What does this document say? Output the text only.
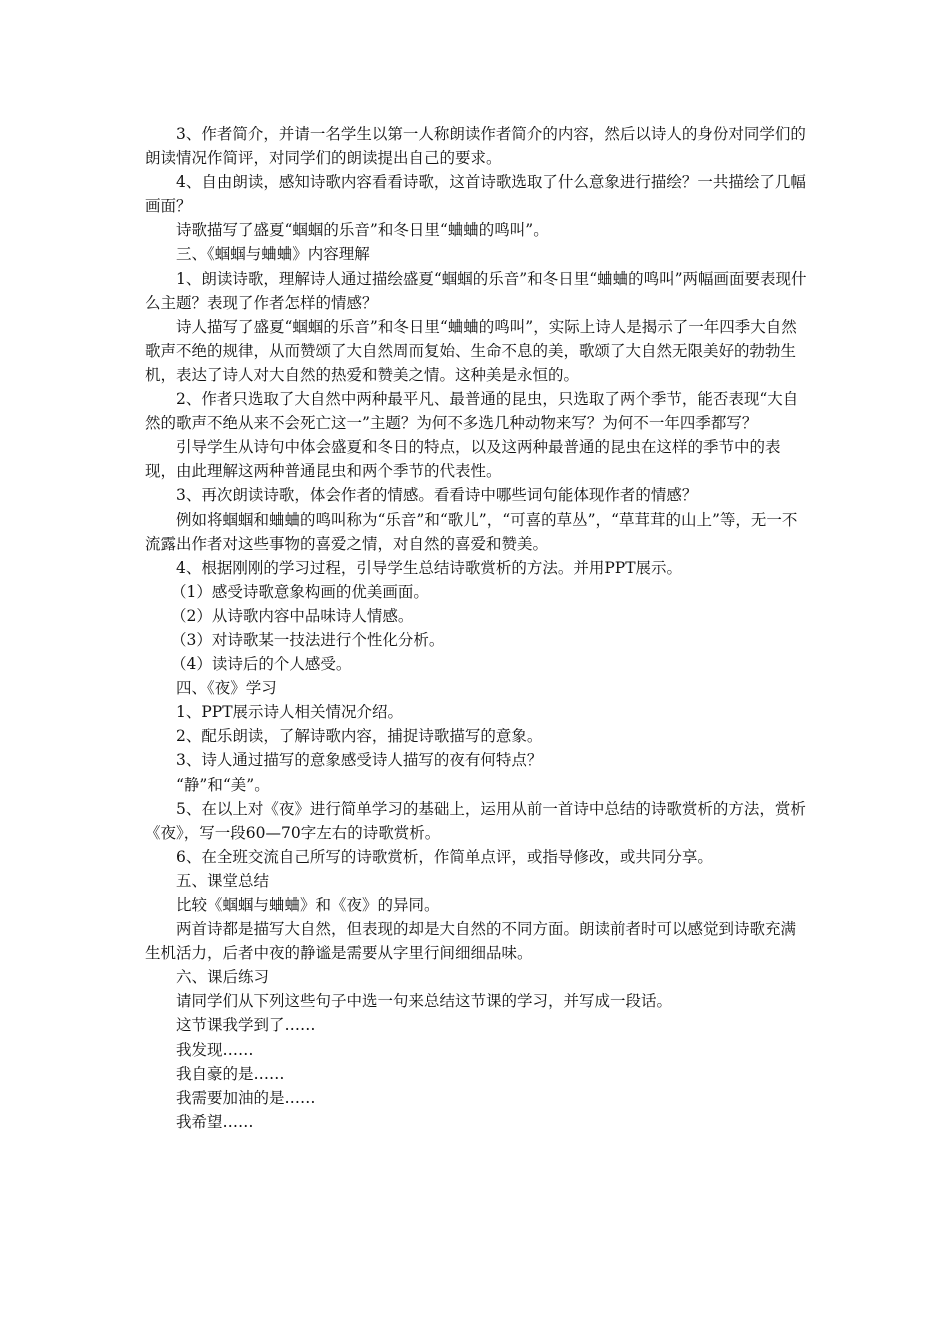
3、作者简介，并请一名学生以第一人称朗读作者简介的内容，然后以诗人的身份对同学们的朗读情况作简评，对同学们的朗读提出自己的要求。

4、自由朗读，感知诗歌内容看看诗歌，这首诗歌选取了什么意象进行描绘？一共描绘了几幅画面？

诗歌描写了盛夏“蝈蝈的乐音”和冬日里“蛐蛐的鸣叫”。

三、《蝈蝈与蛐蛐》内容理解

1、朗读诗歌，理解诗人通过描绘盛夏“蝈蝈的乐音”和冬日里“蛐蛐的鸣叫”两幅画面要表现什么主题？表现了作者怎样的情感？

诗人描写了盛夏“蝈蝈的乐音”和冬日里“蛐蛐的鸣叫”，实际上诗人是揭示了一年四季大自然歌声不绝的规律，从而赞颂了大自然周而复始、生命不息的美，歌颂了大自然无限美好的勃勃生机，表达了诗人对大自然的热爱和赞美之情。这种美是永恒的。

2、作者只选取了大自然中两种最平凡、最普通的昆虫，只选取了两个季节，能否表现“大自然的歌声不绝从来不会死亡这一”主题？为何不多选几种动物来写？为何不一年四季都写？

引导学生从诗句中体会盛夏和冬日的特点，以及这两种最普通的昆虫在这样的季节中的表现，由此理解这两种普通昆虫和两个季节的代表性。

3、再次朗读诗歌，体会作者的情感。看看诗中哪些词句能体现作者的情感？

例如将蝈蝈和蛐蛐的鸣叫称为“乐音”和“歌儿”，“可喜的草丛”，“草茸茸的山上”等，无一不流露出作者对这些事物的喜爱之情，对自然的喜爱和赞美。

4、根据刚刚的学习过程，引导学生总结诗歌赏析的方法。并用PPT展示。

（1）感受诗歌意象构画的优美画面。

（2）从诗歌内容中品味诗人情感。

（3）对诗歌某一技法进行个性化分析。

（4）读诗后的个人感受。

四、《夜》学习

1、PPT展示诗人相关情况介绍。

2、配乐朗读，了解诗歌内容，捕捉诗歌描写的意象。

3、诗人通过描写的意象感受诗人描写的夜有何特点？

“静”和“美”。

5、在以上对《夜》进行简单学习的基础上，运用从前一首诗中总结的诗歌赏析的方法，赏析《夜》，写一段60—70字左右的诗歌赏析。

6、在全班交流自己所写的诗歌赏析，作简单点评，或指导修改，或共同分享。

五、课堂总结

比较《蝈蝈与蛐蛐》和《夜》的异同。

两首诗都是描写大自然，但表现的却是大自然的不同方面。朗读前者时可以感觉到诗歌充满生机活力，后者中夜的静谧是需要从字里行间细细品味。

六、课后练习

请同学们从下列这些句子中选一句来总结这节课的学习，并写成一段话。

这节课我学到了……

我发现……

我自豪的是……

我需要加油的是……

我希望……
